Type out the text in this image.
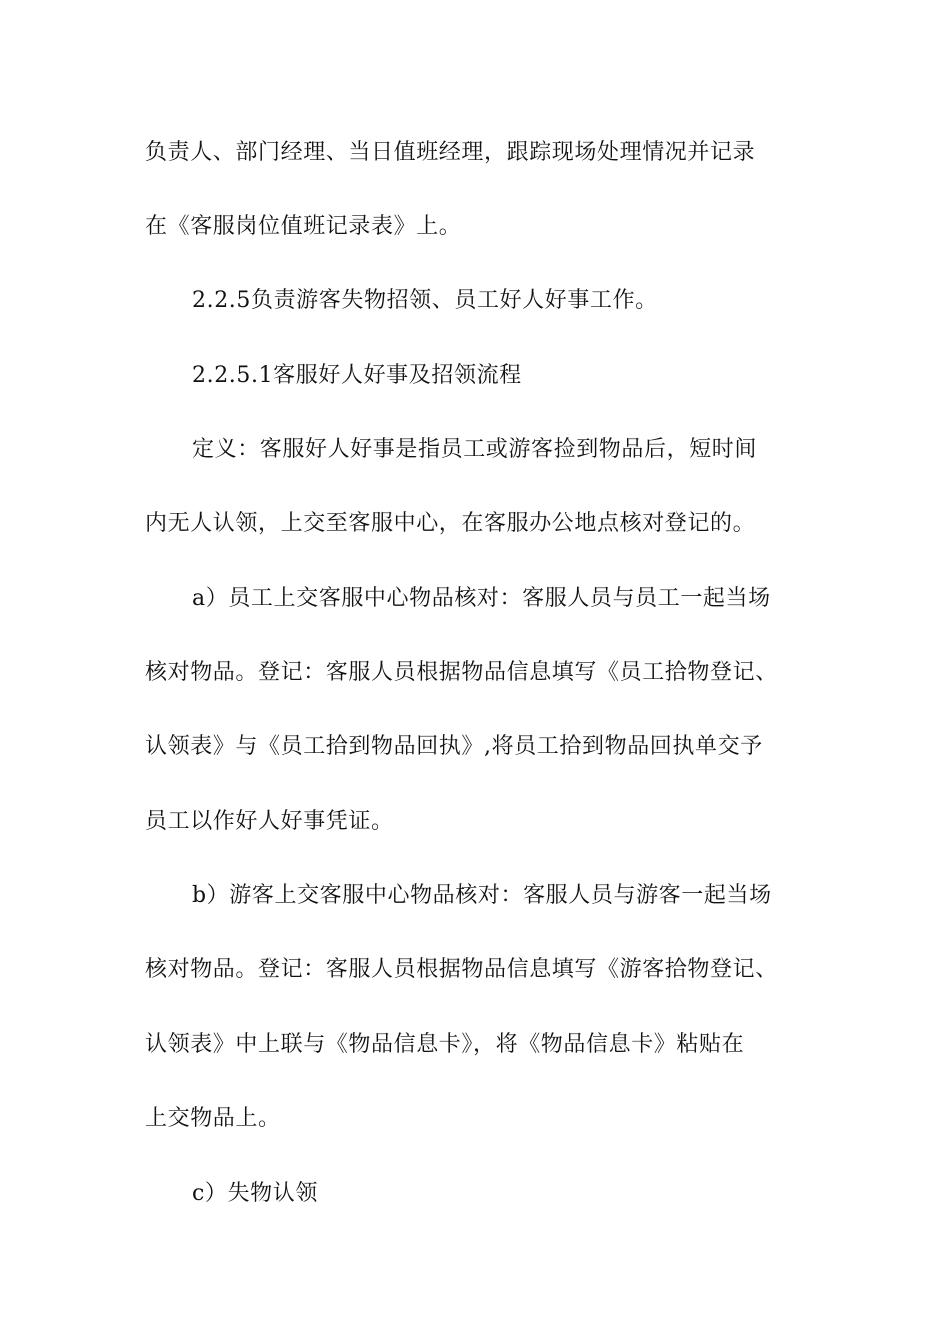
负责人、部门经理、当日值班经理，跟踪现场处理情况并记录
在《客服岗位值班记录表》上。
2.2.5负责游客失物招领、员工好人好事工作。
2.2.5.1客服好人好事及招领流程
定义：客服好人好事是指员工或游客捡到物品后，短时间
内无人认领，上交至客服中心，在客服办公地点核对登记的。
a）员工上交客服中心物品核对：客服人员与员工一起当场
核对物品。登记：客服人员根据物品信息填写《员工拾物登记、
认领表》与《员工拾到物品回执》,将员工拾到物品回执单交予
员工以作好人好事凭证。
b）游客上交客服中心物品核对：客服人员与游客一起当场
核对物品。登记：客服人员根据物品信息填写《游客拾物登记、
认领表》中上联与《物品信息卡》，将《物品信息卡》粘贴在
上交物品上。
c）失物认领
